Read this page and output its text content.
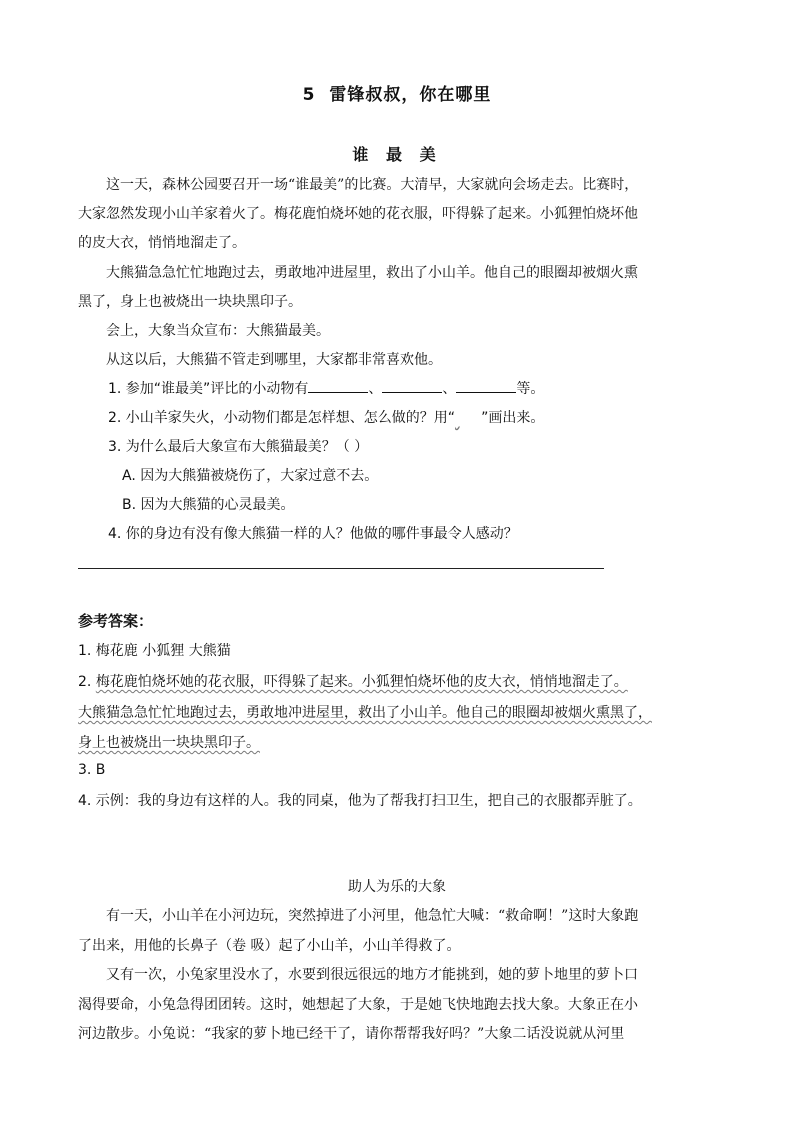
5 雷锋叔叔，你在哪里
谁 最 美
这一天，森林公园要召开一场“谁最美”的比赛。大清早，大家就向会场走去。比赛时，
大家忽然发现小山羊家着火了。梅花鹿怕烧坏她的花衣服，吓得躲了起来。小狐狸怕烧坏他
的皮大衣，悄悄地溜走了。
大熊猫急急忙忙地跑过去，勇敢地冲进屋里，救出了小山羊。他自己的眼圈却被烟火熏
黑了，身上也被烧出一块块黑印子。
会上，大象当众宣布：大熊猫最美。
从这以后，大熊猫不管走到哪里，大家都非常喜欢他。
1. 参加“谁最美”评比的小动物有	、	、	等。
2. 小山羊家失火，小动物们都是怎样想、怎么做的？用“ ”画出来。
3. 为什么最后大象宣布大熊猫最美？（ ）
A. 因为大熊猫被烧伤了，大家过意不去。
B. 因为大熊猫的心灵最美。
4. 你的身边有没有像大熊猫一样的人？他做的哪件事最令人感动？
参考答案：
1. 梅花鹿 小狐狸 大熊猫
2. 梅花鹿怕烧坏她的花衣服，吓得躲了起来。小狐狸怕烧坏他的皮大衣，悄悄地溜走了。
大熊猫急急忙忙地跑过去，勇敢地冲进屋里，救出了小山羊。他自己的眼圈却被烟火熏黑了，
身上也被烧出一块块黑印子。
3. B
4. 示例：我的身边有这样的人。我的同桌，他为了帮我打扫卫生，把自己的衣服都弄脏了。
助人为乐的大象
有一天，小山羊在小河边玩，突然掉进了小河里，他急忙大喊：“救命啊！”这时大象跑
了出来，用他的长鼻子（卷 吸）起了小山羊，小山羊得救了。
又有一次，小兔家里没水了，水要到很远很远的地方才能挑到，她的萝卜地里的萝卜口
渴得要命，小兔急得团团转。这时，她想起了大象，于是她飞快地跑去找大象。大象正在小
河边散步。小兔说：“我家的萝卜地已经干了，请你帮帮我好吗？”大象二话没说就从河里
